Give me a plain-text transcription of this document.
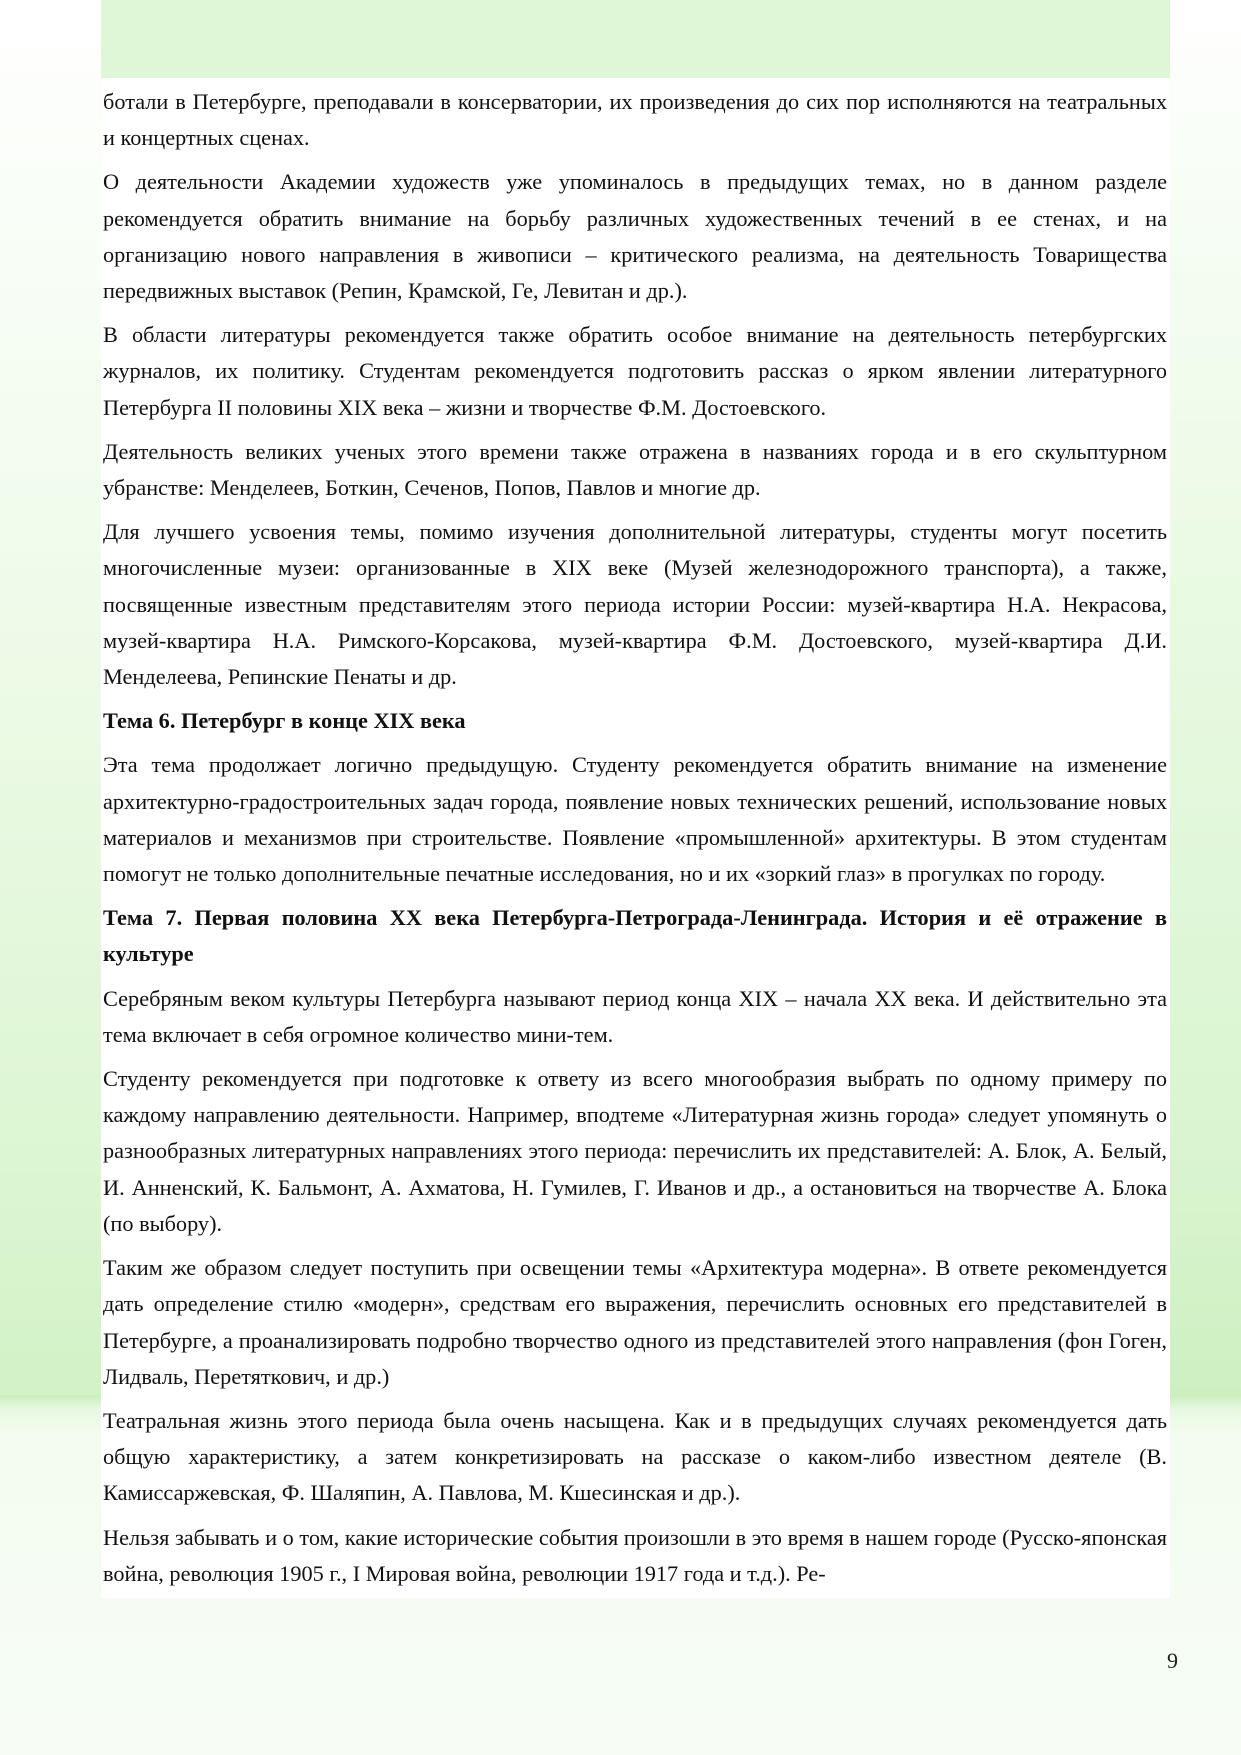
ботали в Петербурге, преподавали в консерватории, их произведения до сих пор исполняются на театральных и концертных сценах.

О деятельности Академии художеств уже упоминалось в предыдущих темах, но в данном разделе рекомендуется обратить внимание на борьбу различных художественных течений в ее стенах, и на организацию нового направления в живописи – критического реализма, на деятельность Товарищества передвижных выставок (Репин, Крамской, Ге, Левитан и др.).

В области литературы рекомендуется также обратить особое внимание на деятельность петербургских журналов, их политику. Студентам рекомендуется подготовить рассказ о ярком явлении литературного Петербурга II половины XIX века – жизни и творчестве Ф.М. Достоевского.

Деятельность великих ученых этого времени также отражена в названиях города и в его скульптурном убранстве: Менделеев, Боткин, Сеченов, Попов, Павлов и многие др.

Для лучшего усвоения темы, помимо изучения дополнительной литературы, студенты могут посетить многочисленные музеи: организованные в XIX веке (Музей железнодорожного транспорта), а также, посвященные известным представителям этого периода истории России: музей-квартира Н.А. Некрасова, музей-квартира Н.А. Римского-Корсакова, музей-квартира Ф.М. Достоевского, музей-квартира Д.И. Менделеева, Репинские Пенаты и др.

Тема 6. Петербург в конце XIX века

Эта тема продолжает логично предыдущую. Студенту рекомендуется обратить внимание на изменение архитектурно-градостроительных задач города, появление новых технических решений, использование новых материалов и механизмов при строительстве. Появление «промышленной» архитектуры. В этом студентам помогут не только дополнительные печатные исследования, но и их «зоркий глаз» в прогулках по городу.

Тема 7. Первая половина XX века Петербурга-Петрограда-Ленинграда. История и её отражение в культуре

Серебряным веком культуры Петербурга называют период конца XIX – начала XX века. И действительно эта тема включает в себя огромное количество мини-тем.

Студенту рекомендуется при подготовке к ответу из всего многообразия выбрать по одному примеру по каждому направлению деятельности. Например, вподтеме «Литературная жизнь города» следует упомянуть о разнообразных литературных направлениях этого периода: перечислить их представителей: А. Блок, А. Белый, И. Анненский, К. Бальмонт, А. Ахматова, Н. Гумилев, Г. Иванов и др., а остановиться на творчестве А. Блока (по выбору).

Таким же образом следует поступить при освещении темы «Архитектура модерна». В ответе рекомендуется дать определение стилю «модерн», средствам его выражения, перечислить основных его представителей в Петербурге, а проанализировать подробно творчество одного из представителей этого направления (фон Гоген, Лидваль, Перетяткович, и др.)

Театральная жизнь этого периода была очень насыщена. Как и в предыдущих случаях рекомендуется дать общую характеристику, а затем конкретизировать на рассказе о каком-либо известном деятеле (В. Камиссаржевская, Ф. Шаляпин, А. Павлова, М. Кшесинская и др.).

Нельзя забывать и о том, какие исторические события произошли в это время в нашем городе (Русско-японская война, революция 1905 г., I Мировая война, революции 1917 года и т.д.). Ре-

9
